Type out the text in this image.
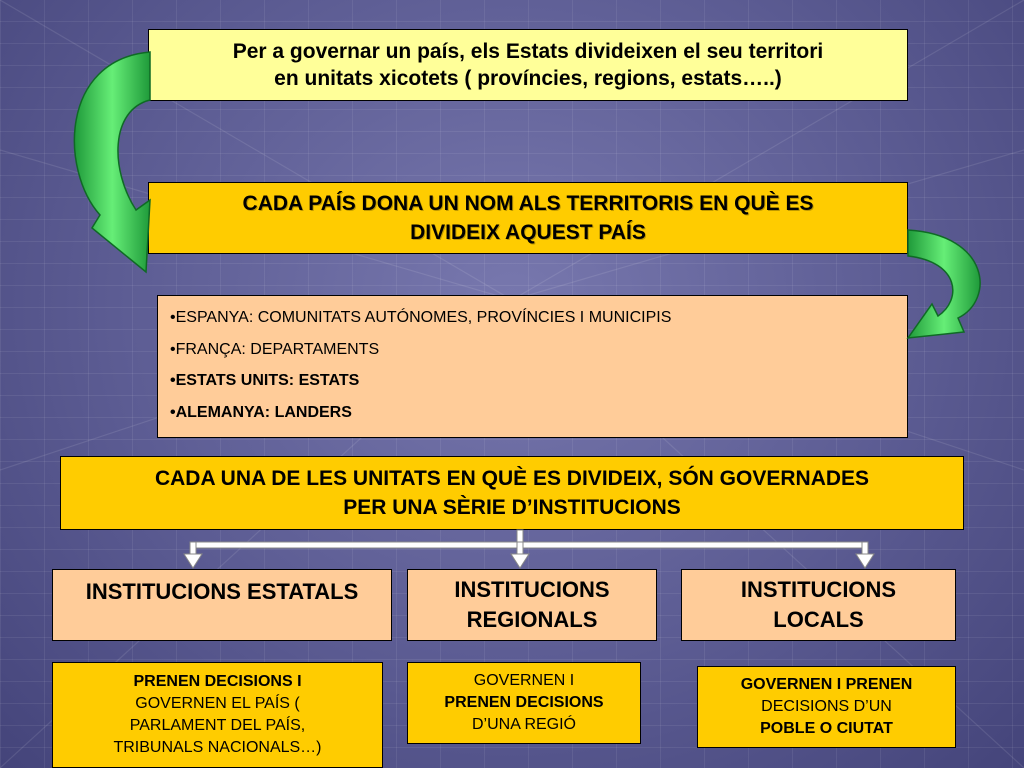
Per a governar un país, els Estats divideixen el seu territori
en unitats xicotets ( províncies, regions, estats…..)
CADA PAÍS DONA UN NOM ALS TERRITORIS EN QUÈ ES
DIVIDEIX AQUEST PAÍS
•ESPANYA: COMUNITATS AUTÓNOMES, PROVÍNCIES I MUNICIPIS
•FRANÇA: DEPARTAMENTS
•ESTATS UNITS: ESTATS
•ALEMANYA: LANDERS
CADA UNA DE LES UNITATS EN QUÈ ES DIVIDEIX, SÓN GOVERNADES
PER UNA SÈRIE D’INSTITUCIONS
INSTITUCIONS ESTATALS	INSTITUCIONS
REGIONALS
INSTITUCIONS
LOCALS
PRENEN DECISIONS I
GOVERNEN EL PAÍS (
PARLAMENT DEL PAÍS,
TRIBUNALS NACIONALS…)
GOVERNEN I
PRENEN DECISIONS
D’UNA REGIÓ
GOVERNEN I PRENEN
DECISIONS D’UN
POBLE O CIUTAT
